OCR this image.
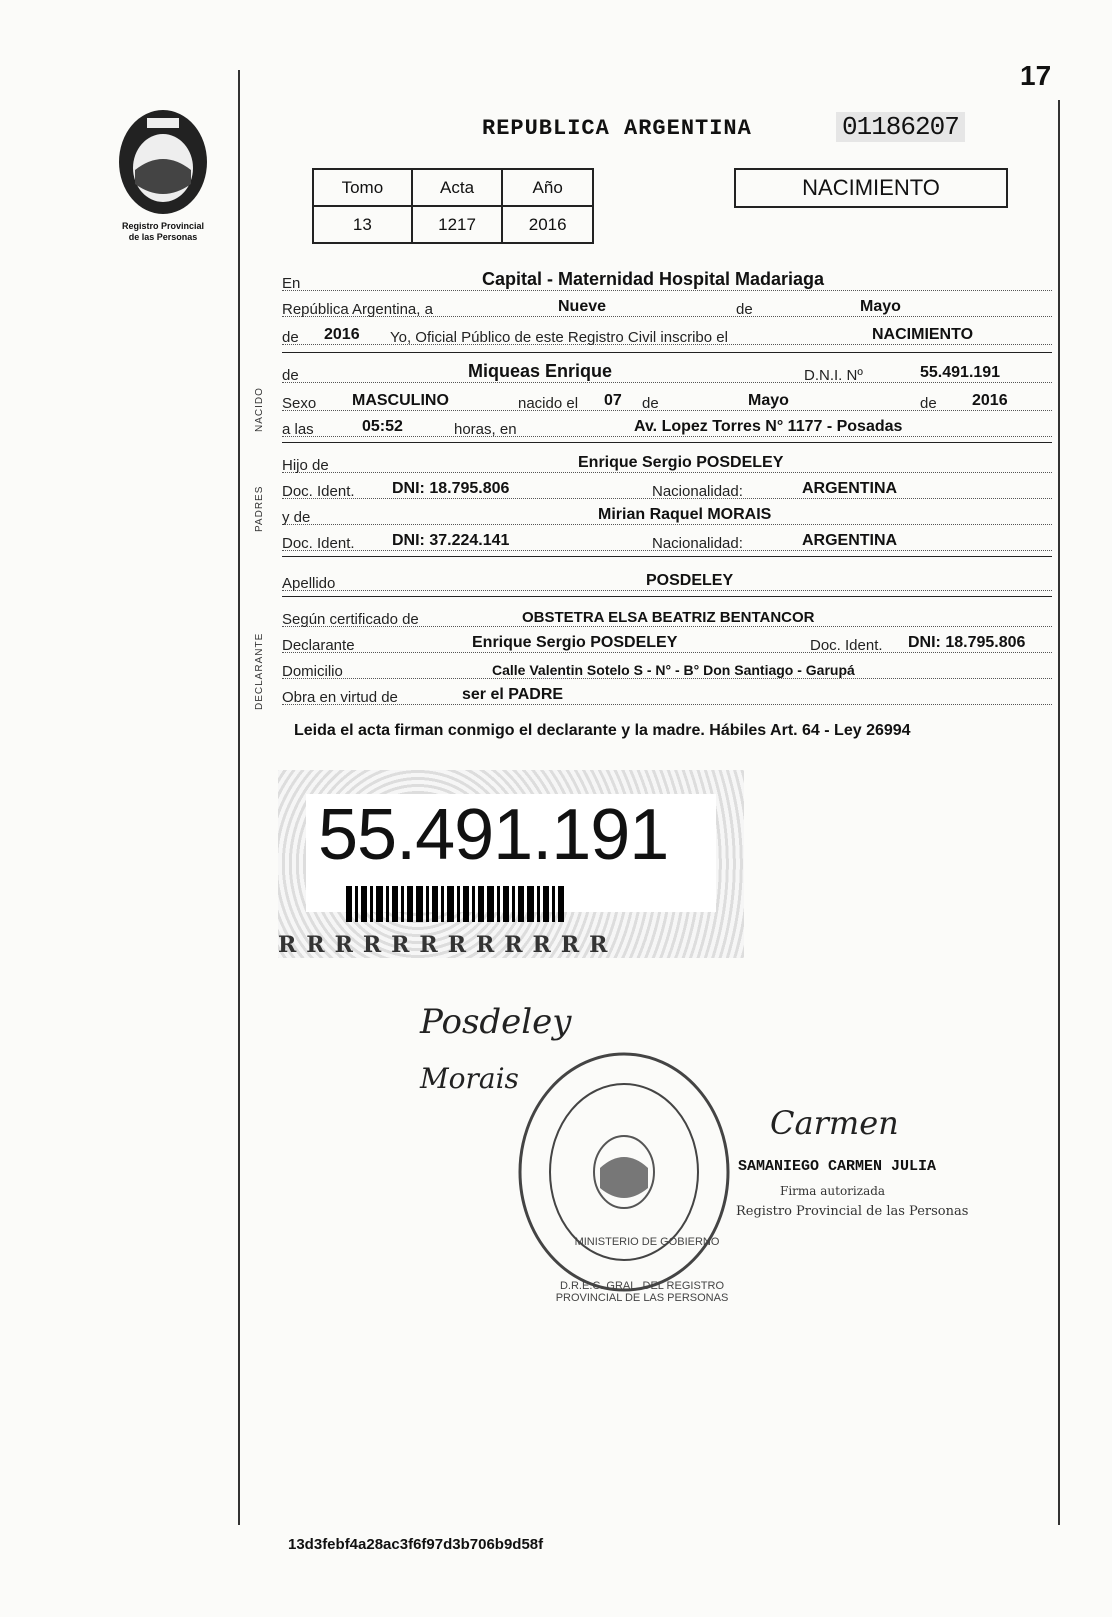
17
Registro Provincial
de las Personas
REPUBLICA ARGENTINA	01186207
Tomo	Acta	Año
13	1217	2016
NACIMIENTO
En	Capital - Maternidad Hospital Madariaga
República Argentina, a	Nueve	de	Mayo
de 2016 Yo, Oficial Público de este Registro Civil inscribo el	NACIMIENTO
de	Miqueas Enrique	D.N.I. Nº	55.491.191
Sexo MASCULINO	nacido el 07 de	Mayo	de 2016
a las	05:52	horas, en	Av. Lopez Torres N° 1177 - Posadas
Hijo de	Enrique Sergio POSDELEY
Doc. Ident. DNI: 18.795.806	Nacionalidad:	ARGENTINA
y de	Mirian Raquel MORAIS
Doc. Ident. DNI: 37.224.141	Nacionalidad:	ARGENTINA
Apellido	POSDELEY
Según certificado de	OBSTETRA ELSA BEATRIZ BENTANCOR
Declarante	Enrique Sergio POSDELEY	Doc. Ident. DNI: 18.795.806
Domicilio	Calle Valentin Sotelo S - N° - B° Don Santiago - Garupá
Obra en virtud de	ser el PADRE
Leida el acta firman conmigo el declarante y la madre. Hábiles Art. 64 - Ley 26994
NACIDO
PADRES
DECLARANTE
55.491.191
RRRRRRRRRRRR
Posdeley
Morais
D.R.E.C. GRAL. DEL REGISTRO PROVINCIAL DE LAS PERSONAS
MINISTERIO DE GOBIERNO
Carmen
SAMANIEGO CARMEN JULIA
Firma autorizada
Registro Provincial de las Personas
13d3febf4a28ac3f6f97d3b706b9d58f
